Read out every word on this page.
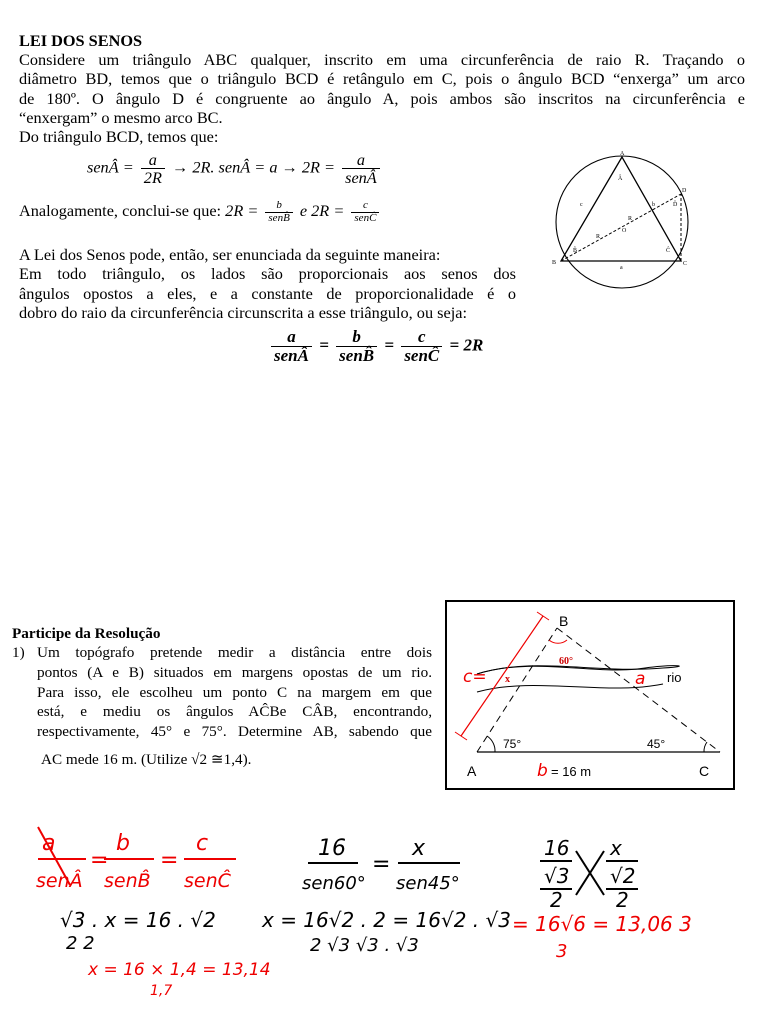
LEI DOS SENOS
Considere um triângulo ABC qualquer, inscrito em uma circunferência de raio R. Traçando o
diâmetro BD, temos que o triângulo BCD é retângulo em C, pois o ângulo BCD “enxerga” um arco
de 180º. O ângulo D é congruente ao ângulo A, pois ambos são inscritos na circunferência e
“enxergam” o mesmo arco BC.
Do triângulo BCD, temos que:
senÂ = $\frac{a}{2R} \to 2R$. senÂ = $a \to 2R = \frac{a}{\text{senÂ}}$
Analogamente, conclui-se que: $2R = \frac{b}{\text{senB̂}}$ e $2R = \frac{c}{\text{senĈ}}$
A Lei dos Senos pode, então, ser enunciada da seguinte maneira:
Em todo triângulo, os lados são proporcionais aos senos dos
ângulos opostos a eles, e a constante de proporcionalidade é o
dobro do raio da circunferência circunscrita a esse triângulo, ou seja:
$\frac{a}{\text{senÂ}} = \frac{b}{\text{senB̂}} = \frac{c}{\text{senĈ}} = 2R$
A
B	C
D
a
b
c
R
R
O
Â
B̂	Ĉ
D̂
Participe da Resolução
1) Um topógrafo pretende medir a distância entre dois
pontos (A e B) situados em margens opostas de um rio.
Para isso, ele escolheu um ponto C na margem em que
está, e mediu os ângulos AĈBe CÂB, encontrando,
respectivamente, 45° e 75°. Determine AB, sabendo que
AC mede 16 m. (Utilize √2 ≅1,4).
B
A	C
rio
60°
75°	45°
x
c=	a
b = 16 m
a
senÂ
=
b
senB̂
=
c
senĈ
16
sen60°
=
x
sen45°
16
√3
2
x
√2
2
√3 . x = 16 . √2
2 2
x = 16√2 . 2 = 16√2 . √3
2 √3 √3 . √3
= 16√6 = 13,06 3
3
x = 16 × 1,4 = 13,14
1,7
